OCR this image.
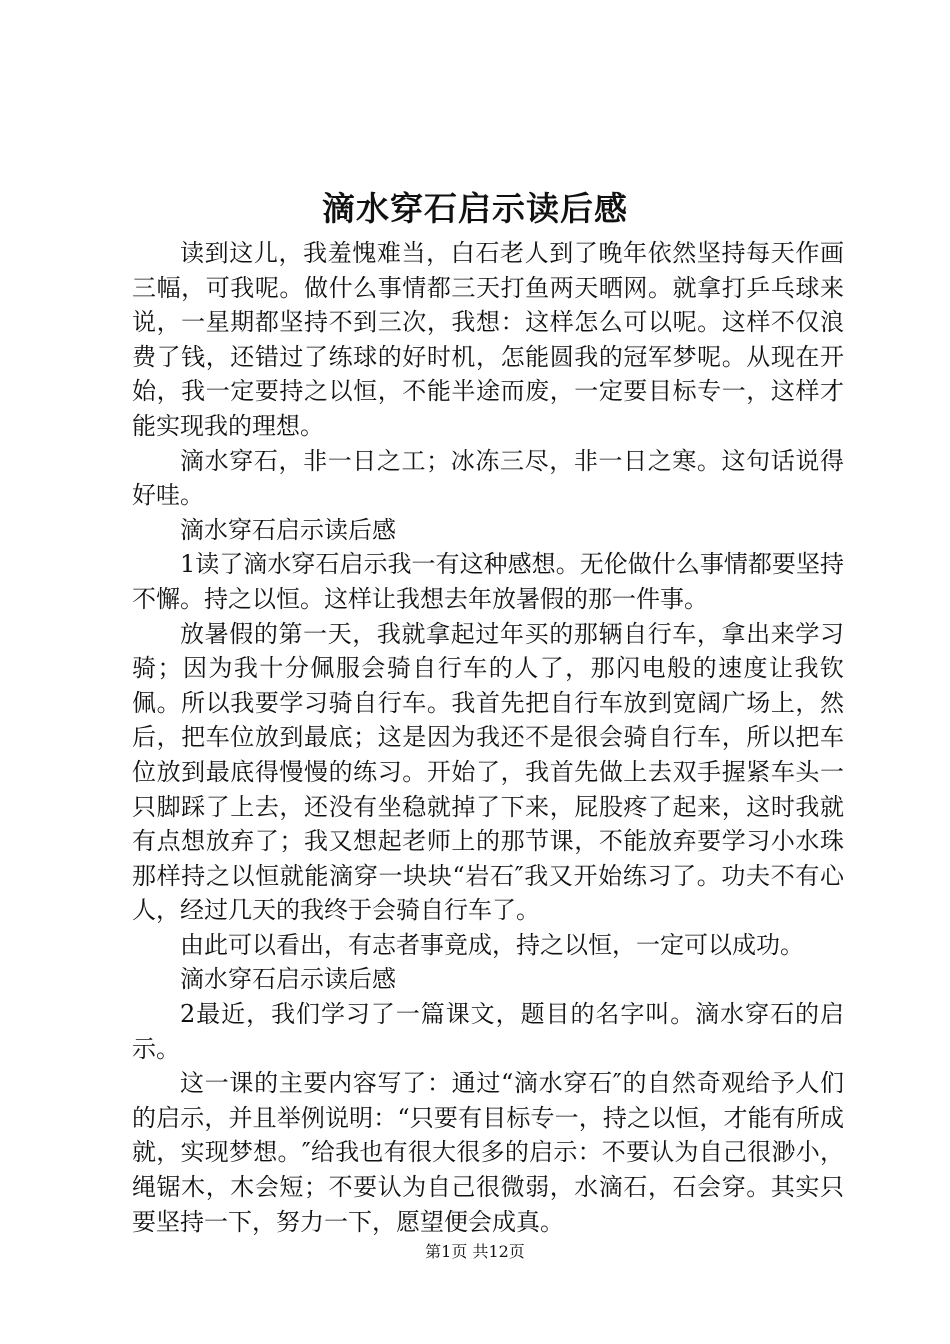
滴水穿石启示读后感

读到这儿，我羞愧难当，白石老人到了晚年依然坚持每天作画三幅，可我呢。做什么事情都三天打鱼两天晒网。就拿打乒乓球来说，一星期都坚持不到三次，我想：这样怎么可以呢。这样不仅浪费了钱，还错过了练球的好时机，怎能圆我的冠军梦呢。从现在开始，我一定要持之以恒，不能半途而废，一定要目标专一，这样才能实现我的理想。

滴水穿石，非一日之工；冰冻三尽，非一日之寒。这句话说得好哇。

滴水穿石启示读后感

1读了滴水穿石启示我一有这种感想。无伦做什么事情都要坚持不懈。持之以恒。这样让我想去年放暑假的那一件事。

放暑假的第一天，我就拿起过年买的那辆自行车，拿出来学习骑；因为我十分佩服会骑自行车的人了，那闪电般的速度让我钦佩。所以我要学习骑自行车。我首先把自行车放到宽阔广场上，然后，把车位放到最底；这是因为我还不是很会骑自行车，所以把车位放到最底得慢慢的练习。开始了，我首先做上去双手握紧车头一只脚踩了上去，还没有坐稳就掉了下来，屁股疼了起来，这时我就有点想放弃了；我又想起老师上的那节课，不能放弃要学习小水珠那样持之以恒就能滴穿一块块“岩石″我又开始练习了。功夫不有心人，经过几天的我终于会骑自行车了。

由此可以看出，有志者事竟成，持之以恒，一定可以成功。

滴水穿石启示读后感

2最近，我们学习了一篇课文，题目的名字叫。滴水穿石的启示。

这一课的主要内容写了：通过“滴水穿石″的自然奇观给予人们的启示，并且举例说明：“只要有目标专一，持之以恒，才能有所成就，实现梦想。″给我也有很大很多的启示：不要认为自己很渺小，绳锯木，木会短；不要认为自己很微弱，水滴石，石会穿。其实只要坚持一下，努力一下，愿望便会成真。

第1页 共12页
